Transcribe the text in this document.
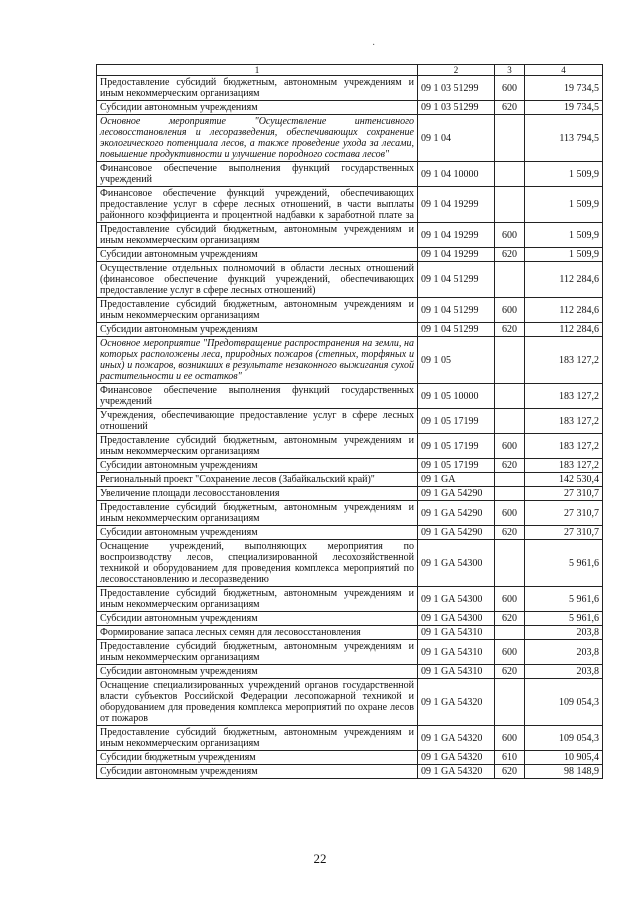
·
1	2	3	4
Предоставление субсидий бюджетным, автономным учреждениям и иным некоммерческим организациям	09 1 03 51299	600	19 734,5
Субсидии автономным учреждениям	09 1 03 51299	620	19 734,5
Основное мероприятие "Осуществление интенсивного лесовосстановления и лесоразведения, обеспечивающих сохранение экологического потенциала лесов, а также проведение ухода за лесами, повышение продуктивности и улучшение породного состава лесов"	09 1 04		113 794,5
Финансовое обеспечение выполнения функций государственных учреждений	09 1 04 10000		1 509,9

Финансовое обеспечение функций учреждений, обеспечивающих предоставление услуг в сфере лесных отношений, в части выплаты районного коэффициента и процентной надбавки к заработной плате за	09 1 04 19299		1 509,9
Предоставление субсидий бюджетным, автономным учреждениям и иным некоммерческим организациям	09 1 04 19299	600	1 509,9
Субсидии автономным учреждениям	09 1 04 19299	620	1 509,9
Осуществление отдельных полномочий в области лесных отношений (финансовое обеспечение функций учреждений, обеспечивающих предоставление услуг в сфере лесных отношений)	09 1 04 51299		112 284,6
Предоставление субсидий бюджетным, автономным учреждениям и иным некоммерческим организациям	09 1 04 51299	600	112 284,6
Субсидии автономным учреждениям	09 1 04 51299	620	112 284,6
Основное мероприятие "Предотвращение распространения на земли, на которых расположены леса, природных пожаров (степных, торфяных и иных) и пожаров, возникших в результате незаконного выжигания сухой растительности и ее остатков"	09 1 05		183 127,2
Финансовое обеспечение выполнения функций государственных учреждений	09 1 05 10000		183 127,2
Учреждения, обеспечивающие предоставление услуг в сфере лесных отношений	09 1 05 17199		183 127,2
Предоставление субсидий бюджетным, автономным учреждениям и иным некоммерческим организациям	09 1 05 17199	600	183 127,2
Субсидии автономным учреждениям	09 1 05 17199	620	183 127,2
Региональный проект "Сохранение лесов (Забайкальский край)"	09 1 GA		142 530,4
Увеличение площади лесовосстановления	09 1 GA 54290		27 310,7
Предоставление субсидий бюджетным, автономным учреждениям и иным некоммерческим организациям	09 1 GA 54290	600	27 310,7
Субсидии автономным учреждениям	09 1 GA 54290	620	27 310,7
Оснащение учреждений, выполняющих мероприятия по воспроизводству лесов, специализированной лесохозяйственной техникой и оборудованием для проведения комплекса мероприятий по лесовосстановлению и лесоразведению	09 1 GA 54300		5 961,6
Предоставление субсидий бюджетным, автономным учреждениям и иным некоммерческим организациям	09 1 GA 54300	600	5 961,6
Субсидии автономным учреждениям	09 1 GA 54300	620	5 961,6
Формирование запаса лесных семян для лесовосстановления	09 1 GA 54310		203,8
Предоставление субсидий бюджетным, автономным учреждениям и иным некоммерческим организациям	09 1 GA 54310	600	203,8
Субсидии автономным учреждениям	09 1 GA 54310	620	203,8
Оснащение специализированных учреждений органов государственной власти субъектов Российской Федерации лесопожарной техникой и оборудованием для проведения комплекса мероприятий по охране лесов от пожаров	09 1 GA 54320		109 054,3
Предоставление субсидий бюджетным, автономным учреждениям и иным некоммерческим организациям	09 1 GA 54320	600	109 054,3
Субсидии бюджетным учреждениям	09 1 GA 54320	610	10 905,4
Субсидии автономным учреждениям	09 1 GA 54320	620	98 148,9
22
